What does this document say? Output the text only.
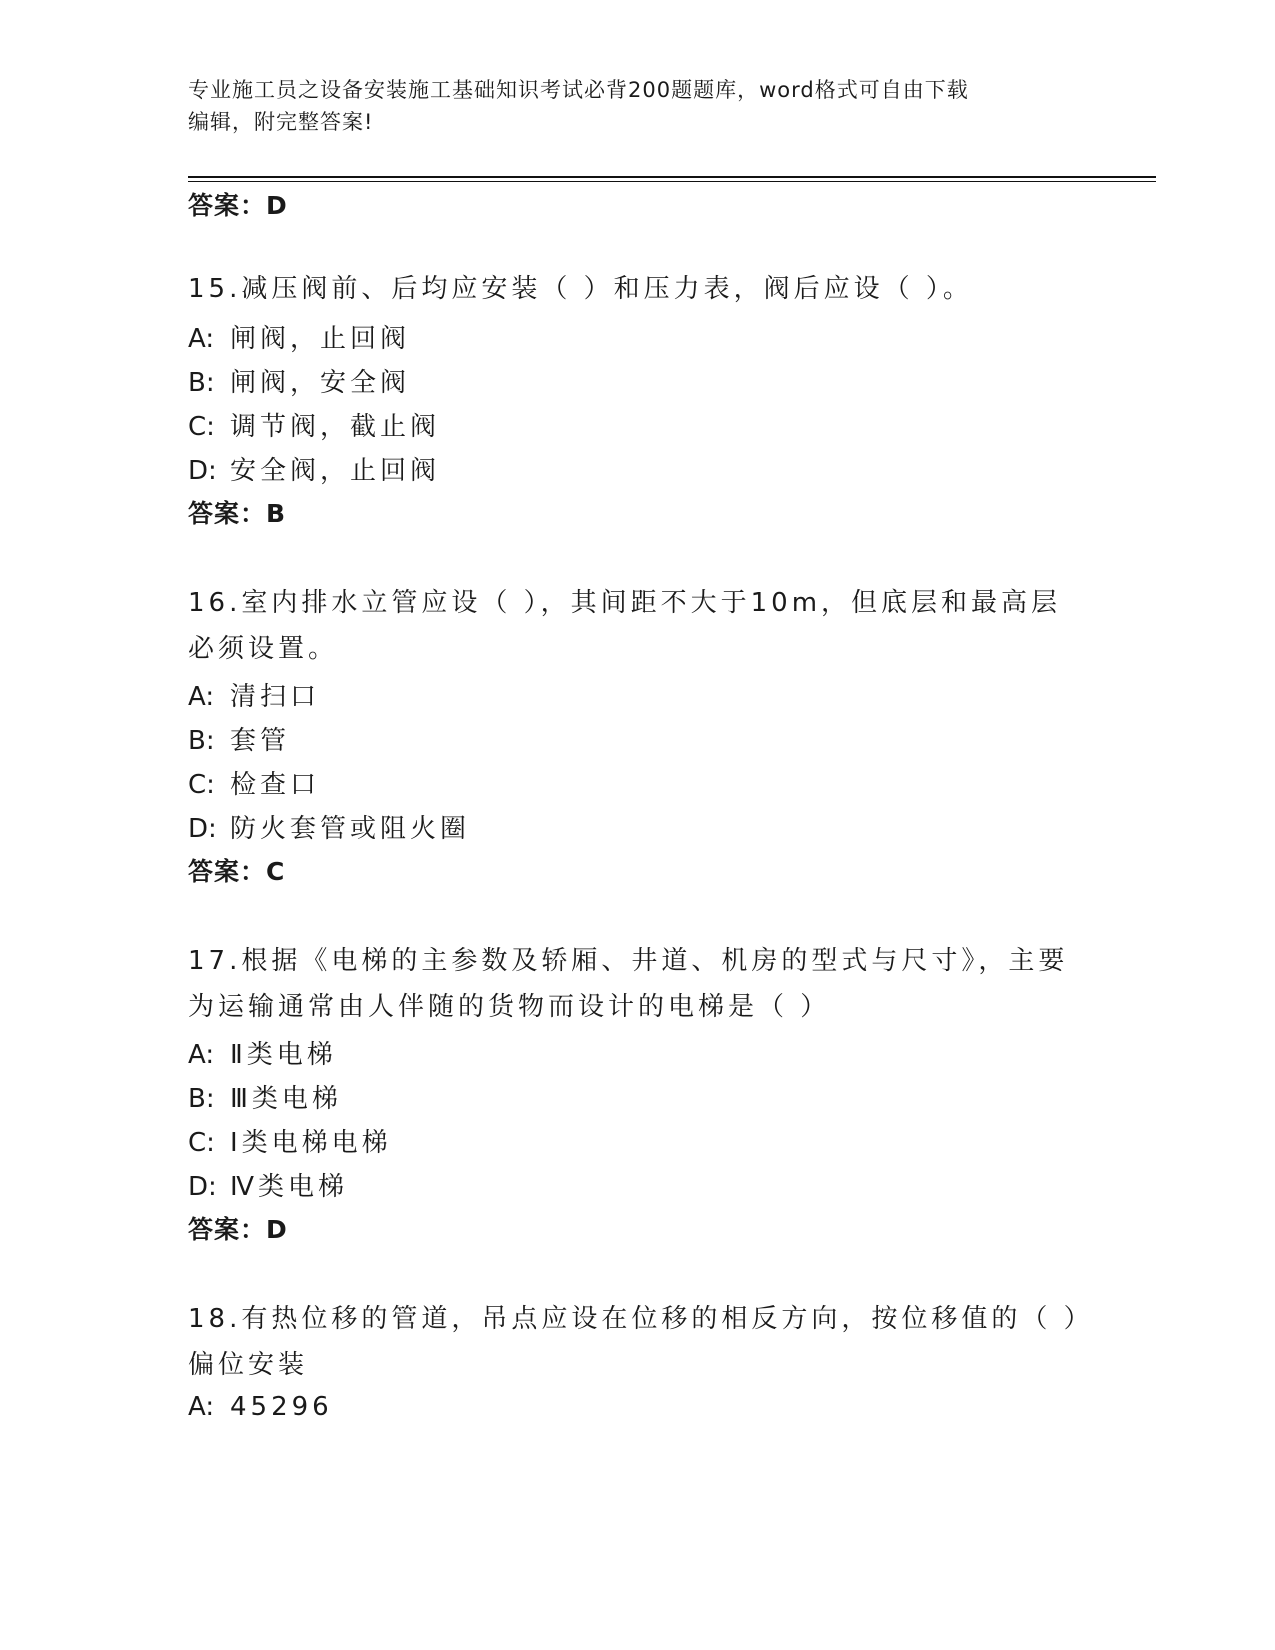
专业施工员之设备安装施工基础知识考试必背200题题库，word格式可自由下载
编辑，附完整答案!
答案：D
15.减压阀前、后均应安装（ ）和压力表，阀后应设（ ）。
A: 闸阀，止回阀
B: 闸阀，安全阀
C: 调节阀，截止阀
D: 安全阀，止回阀
答案：B
16.室内排水立管应设（ ），其间距不大于10m，但底层和最高层必须设置。
A: 清扫口
B: 套管
C: 检查口
D: 防火套管或阻火圈
答案：C
17.根据《电梯的主参数及轿厢、井道、机房的型式与尺寸》，主要为运输通常由人伴随的货物而设计的电梯是（ ）
A: Ⅱ类电梯
B: Ⅲ类电梯
C: Ⅰ类电梯电梯
D: Ⅳ类电梯
答案：D
18.有热位移的管道，吊点应设在位移的相反方向，按位移值的（ ）偏位安装
A: 45296
